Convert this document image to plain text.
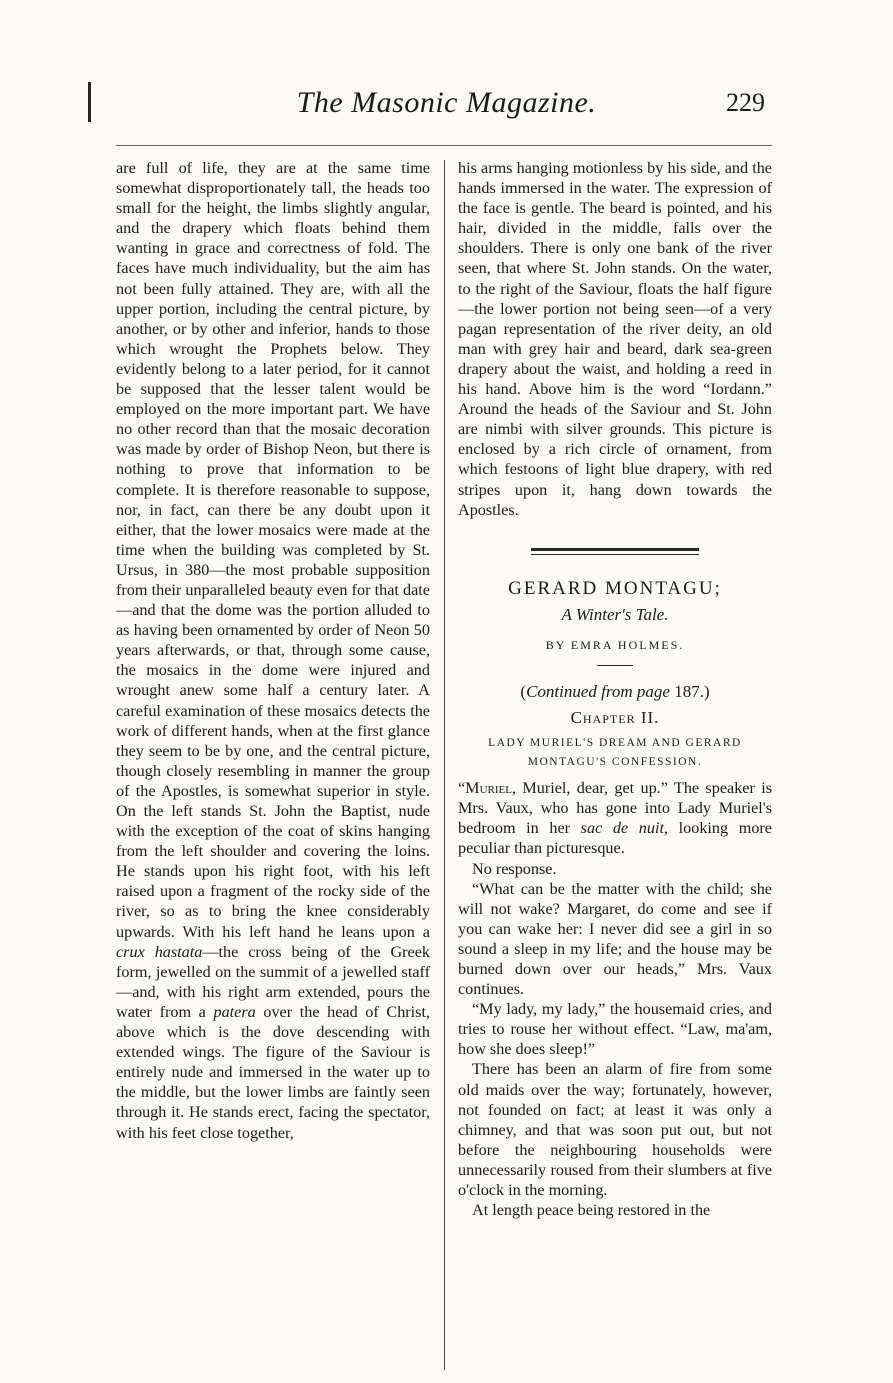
The Masonic Magazine.	229

are full of life, they are at the same time somewhat disproportionately tall, the heads too small for the height, the limbs slightly angular, and the drapery which floats behind them wanting in grace and correctness of fold. The faces have much individuality, but the aim has not been fully attained. They are, with all the upper portion, including the central picture, by another, or by other and inferior, hands to those which wrought the Prophets below. They evidently belong to a later period, for it cannot be supposed that the lesser talent would be employed on the more important part. We have no other record than that the mosaic decoration was made by order of Bishop Neon, but there is nothing to prove that information to be complete. It is therefore reasonable to suppose, nor, in fact, can there be any doubt upon it either, that the lower mosaics were made at the time when the building was completed by St. Ursus, in 380—the most probable supposition from their unparalleled beauty even for that date—and that the dome was the portion alluded to as having been ornamented by order of Neon 50 years afterwards, or that, through some cause, the mosaics in the dome were injured and wrought anew some half a century later. A careful examination of these mosaics detects the work of different hands, when at the first glance they seem to be by one, and the central picture, though closely resembling in manner the group of the Apostles, is somewhat superior in style. On the left stands St. John the Baptist, nude with the exception of the coat of skins hanging from the left shoulder and covering the loins. He stands upon his right foot, with his left raised upon a fragment of the rocky side of the river, so as to bring the knee considerably upwards. With his left hand he leans upon a crux hastata—the cross being of the Greek form, jewelled on the summit of a jewelled staff—and, with his right arm extended, pours the water from a patera over the head of Christ, above which is the dove descending with extended wings. The figure of the Saviour is entirely nude and immersed in the water up to the middle, but the lower limbs are faintly seen through it. He stands erect, facing the spectator, with his feet close together,

his arms hanging motionless by his side, and the hands immersed in the water. The expression of the face is gentle. The beard is pointed, and his hair, divided in the middle, falls over the shoulders. There is only one bank of the river seen, that where St. John stands. On the water, to the right of the Saviour, floats the half figure—the lower portion not being seen—of a very pagan representation of the river deity, an old man with grey hair and beard, dark sea-green drapery about the waist, and holding a reed in his hand. Above him is the word “Iordann.” Around the heads of the Saviour and St. John are nimbi with silver grounds. This picture is enclosed by a rich circle of ornament, from which festoons of light blue drapery, with red stripes upon it, hang down towards the Apostles.

GERARD MONTAGU;
A Winter's Tale.
BY EMRA HOLMES.
(Continued from page 187.)
Chapter II.
LADY MURIEL'S DREAM AND GERARD MONTAGU'S CONFESSION.

“Muriel, Muriel, dear, get up.” The speaker is Mrs. Vaux, who has gone into Lady Muriel's bedroom in her sac de nuit, looking more peculiar than picturesque.

No response.

“What can be the matter with the child; she will not wake? Margaret, do come and see if you can wake her: I never did see a girl in so sound a sleep in my life; and the house may be burned down over our heads,” Mrs. Vaux continues.

“My lady, my lady,” the housemaid cries, and tries to rouse her without effect. “Law, ma'am, how she does sleep!”

There has been an alarm of fire from some old maids over the way; fortunately, however, not founded on fact; at least it was only a chimney, and that was soon put out, but not before the neighbouring households were unnecessarily roused from their slumbers at five o'clock in the morning.

At length peace being restored in the
